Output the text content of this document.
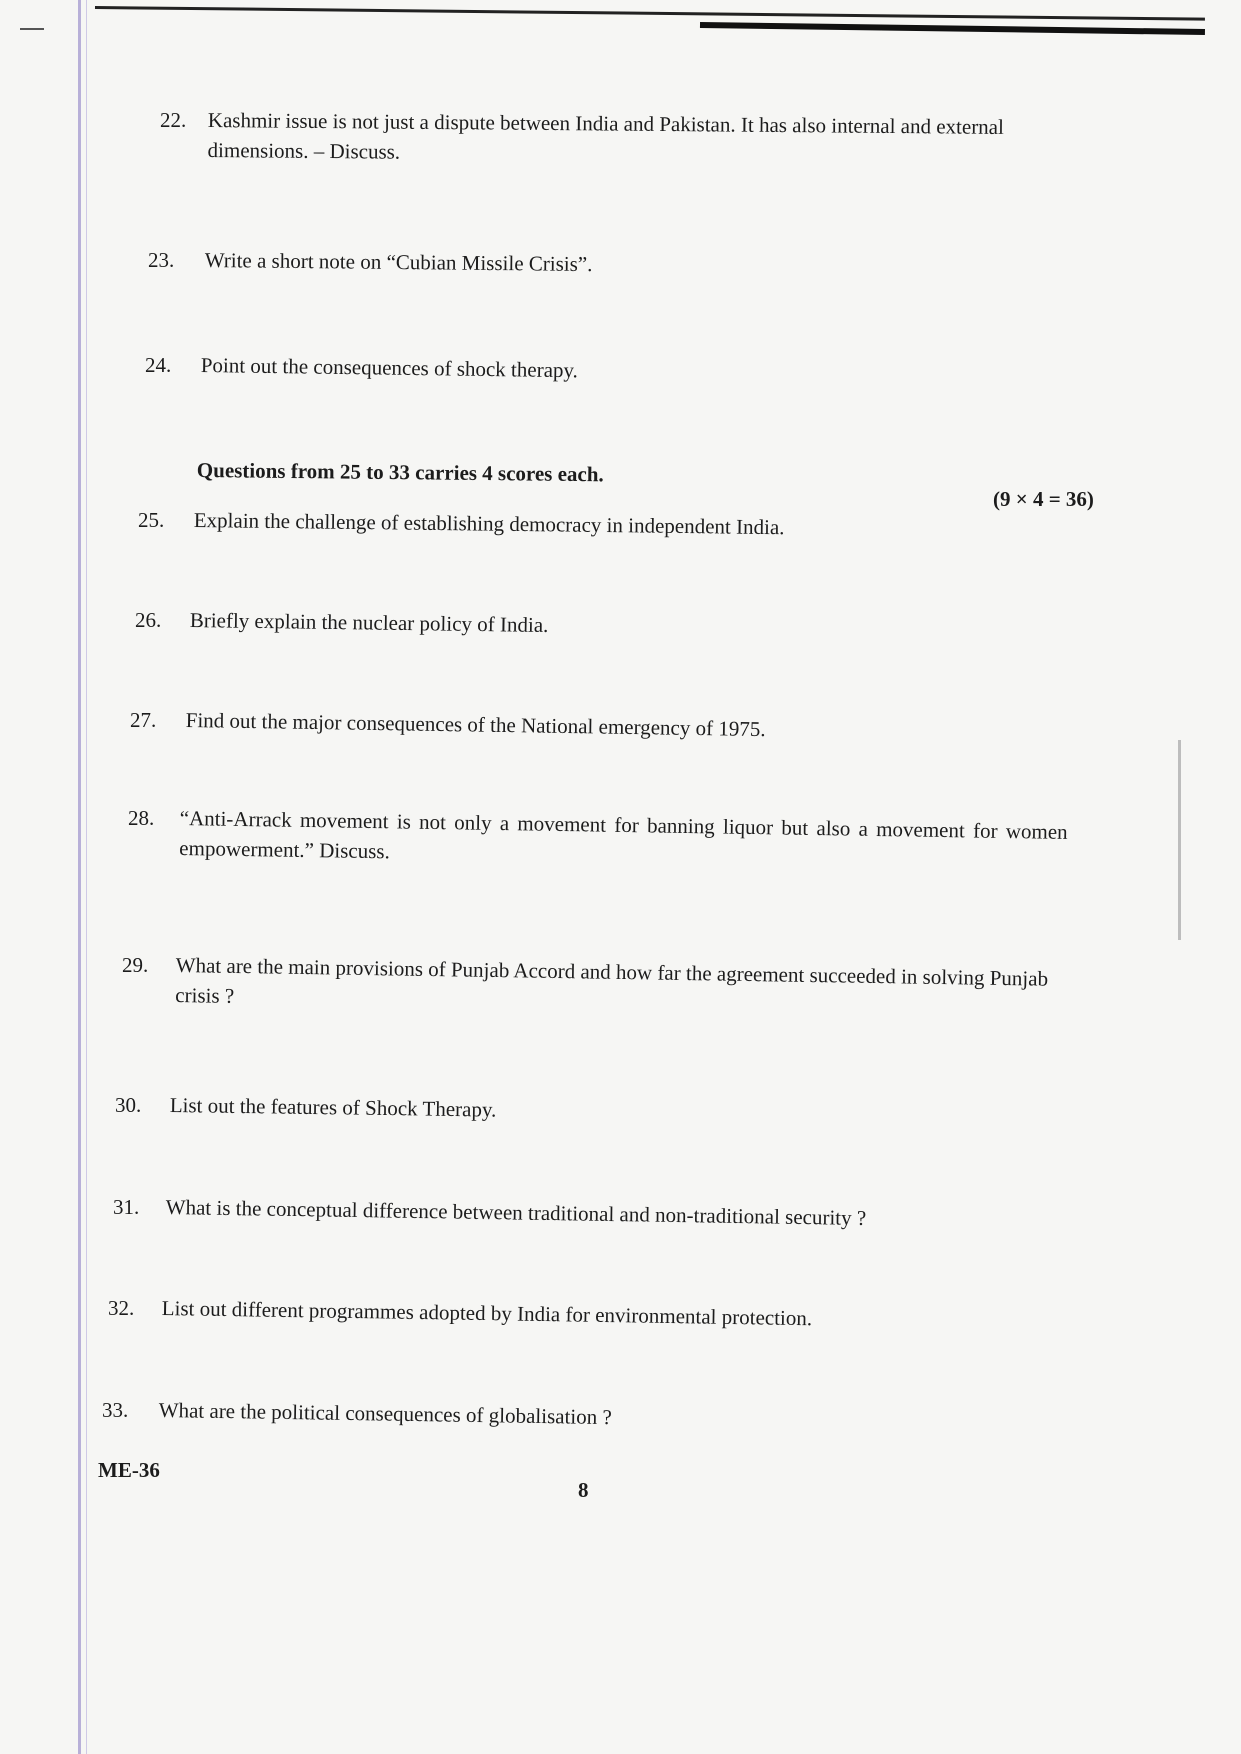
22. Kashmir issue is not just a dispute between India and Pakistan. It has also internal and external dimensions. – Discuss.
23. Write a short note on “Cubian Missile Crisis”.
24. Point out the consequences of shock therapy.
Questions from 25 to 33 carries 4 scores each.
(9 × 4 = 36)
25. Explain the challenge of establishing democracy in independent India.
26. Briefly explain the nuclear policy of India.
27. Find out the major consequences of the National emergency of 1975.
28. “Anti-Arrack movement is not only a movement for banning liquor but also a movement for women empowerment.” Discuss.
29. What are the main provisions of Punjab Accord and how far the agreement succeeded in solving Punjab crisis ?
30. List out the features of Shock Therapy.
31. What is the conceptual difference between traditional and non-traditional security ?
32. List out different programmes adopted by India for environmental protection.
33. What are the political consequences of globalisation ?
ME-36
8
